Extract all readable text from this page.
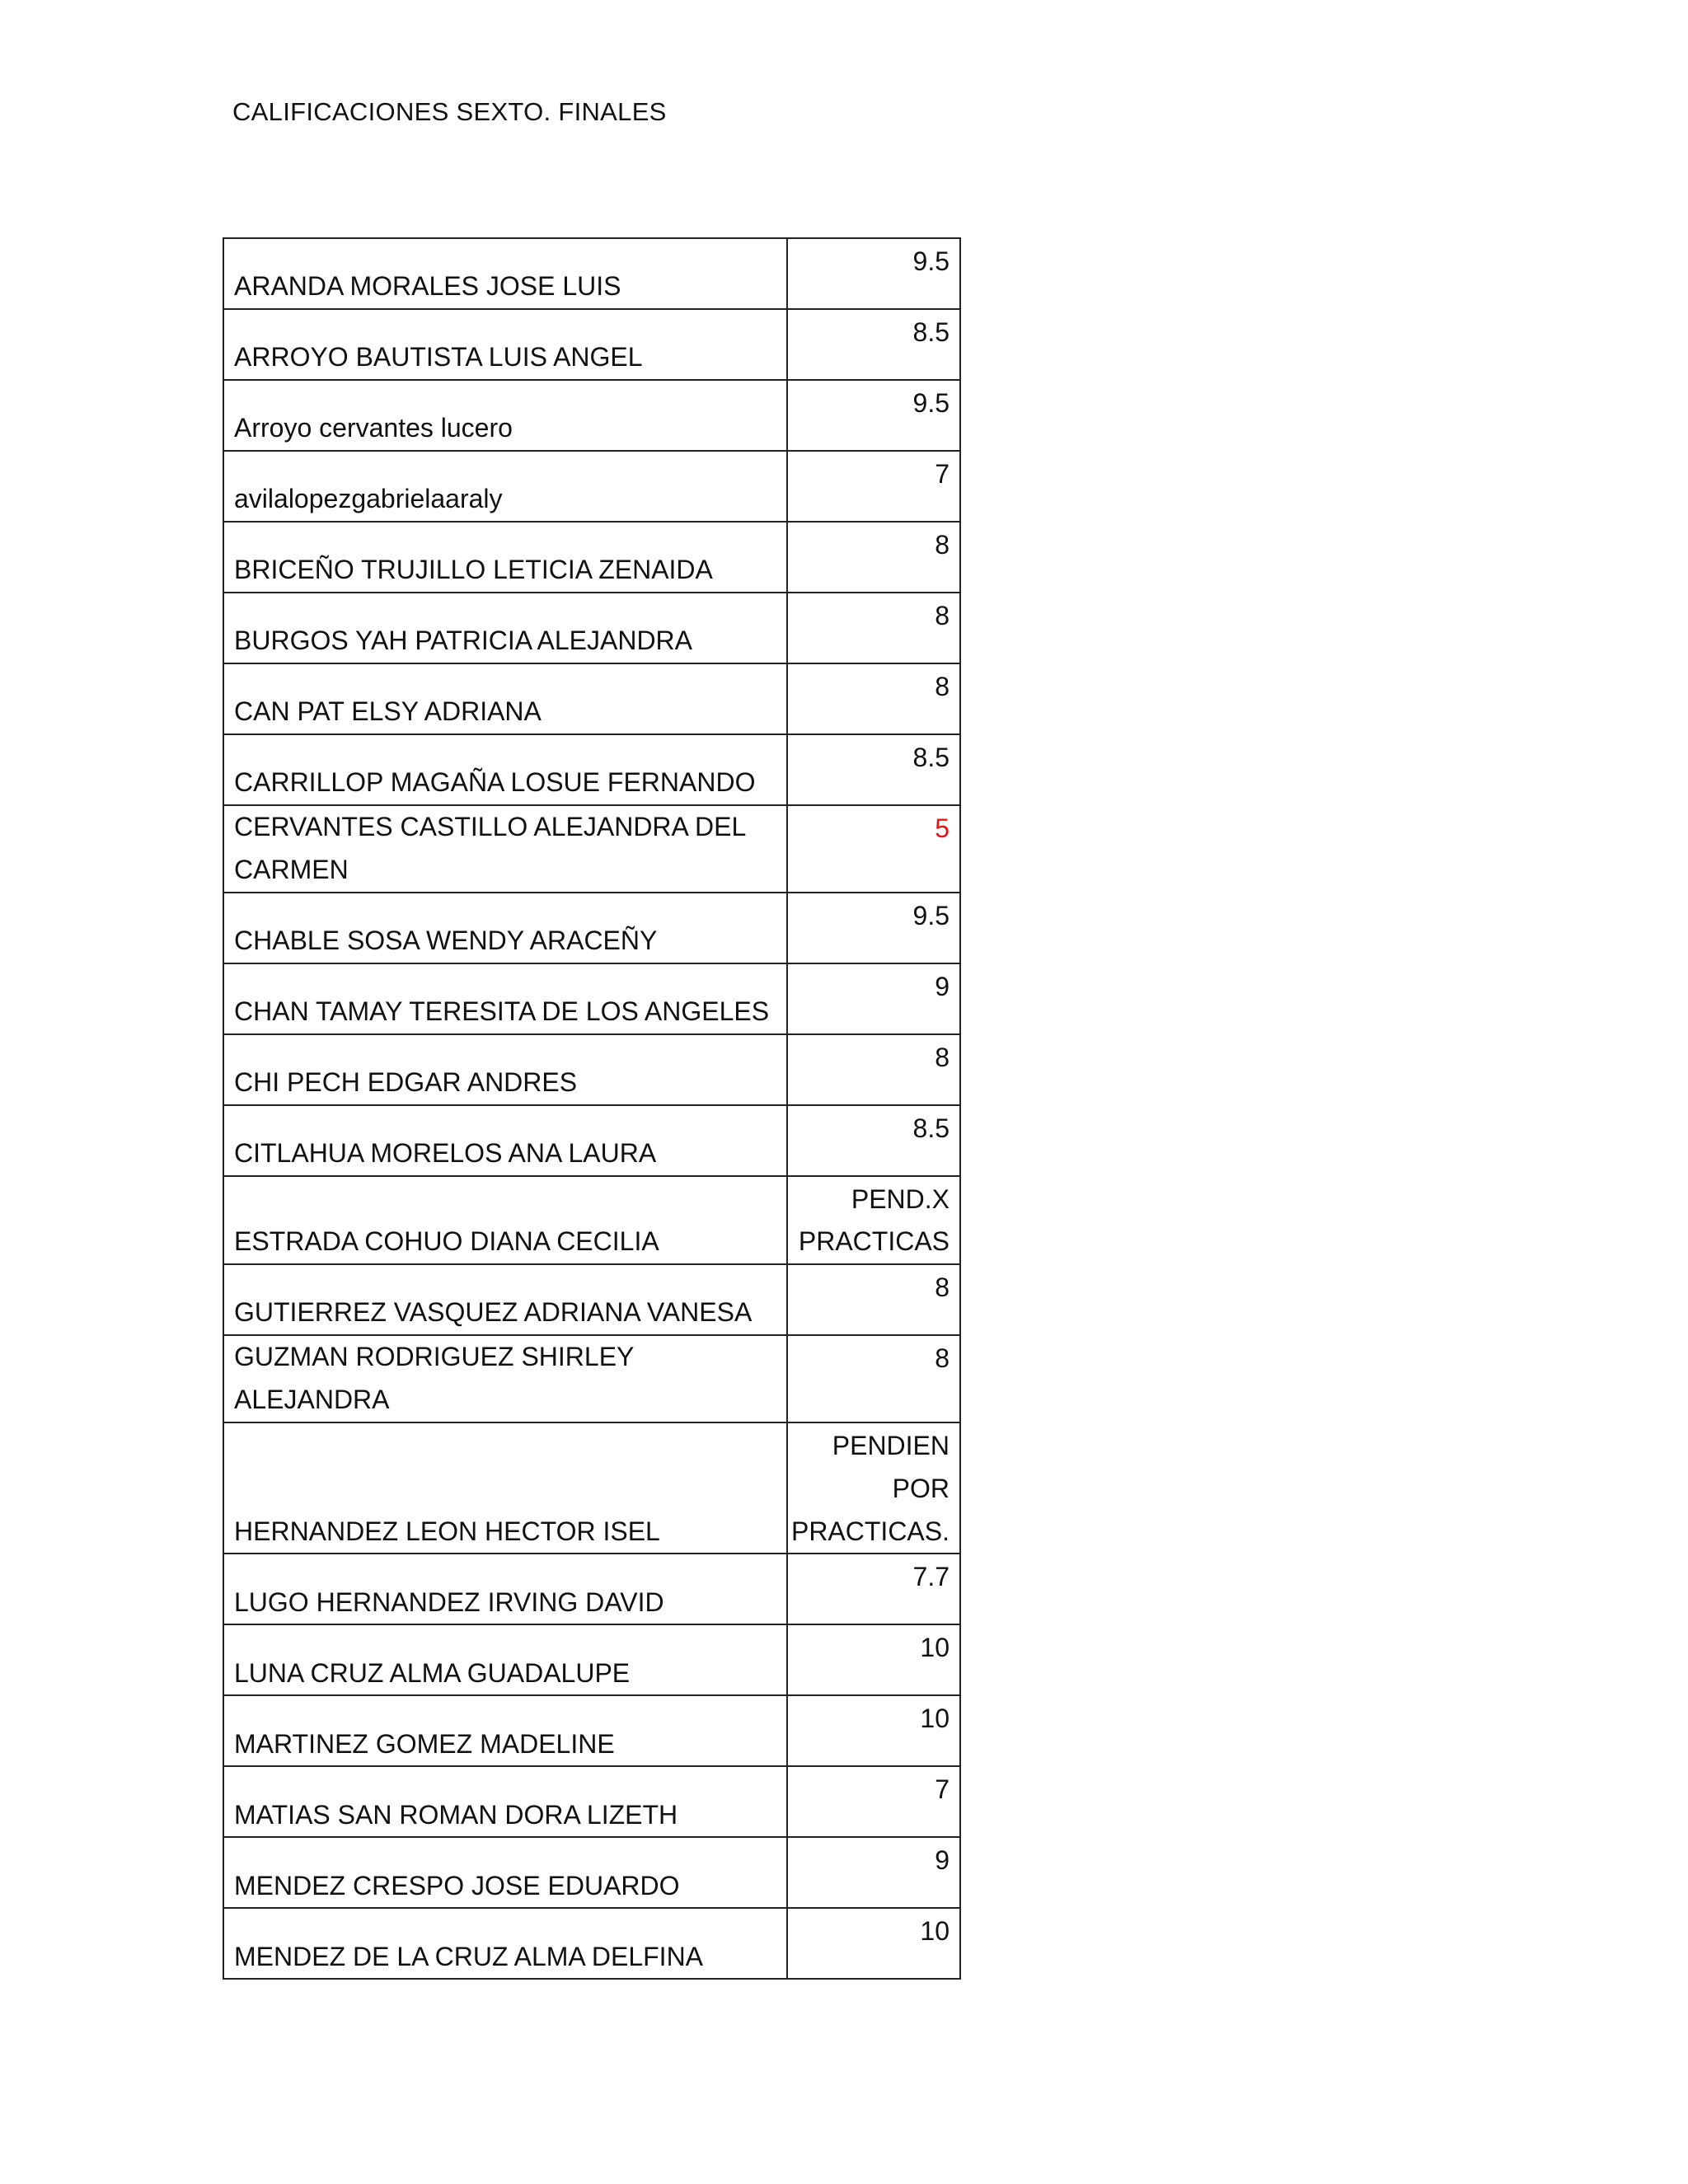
CALIFICACIONES SEXTO. FINALES
ARANDA MORALES JOSE LUIS	9.5
ARROYO BAUTISTA LUIS ANGEL	8.5
Arroyo cervantes lucero	9.5
avilalopezgabrielaaraly	7
BRICEÑO TRUJILLO LETICIA ZENAIDA	8
BURGOS YAH PATRICIA ALEJANDRA	8
CAN PAT ELSY ADRIANA	8
CARRILLOP MAGAÑA LOSUE FERNANDO	8.5
CERVANTES CASTILLO ALEJANDRA DEL CARMEN	5
CHABLE SOSA WENDY ARACEÑY	9.5
CHAN TAMAY TERESITA DE LOS ANGELES	9
CHI PECH EDGAR ANDRES	8
CITLAHUA MORELOS ANA LAURA	8.5
ESTRADA COHUO DIANA CECILIA	PEND.X
PRACTICAS
GUTIERREZ VASQUEZ ADRIANA VANESA	8
GUZMAN RODRIGUEZ SHIRLEY ALEJANDRA	8
HERNANDEZ LEON HECTOR ISEL	PENDIEN
POR
PRACTICAS.
LUGO HERNANDEZ IRVING DAVID	7.7
LUNA CRUZ ALMA GUADALUPE	10
MARTINEZ GOMEZ MADELINE	10
MATIAS SAN ROMAN DORA LIZETH	7
MENDEZ CRESPO JOSE EDUARDO	9
MENDEZ DE LA CRUZ ALMA DELFINA	10
